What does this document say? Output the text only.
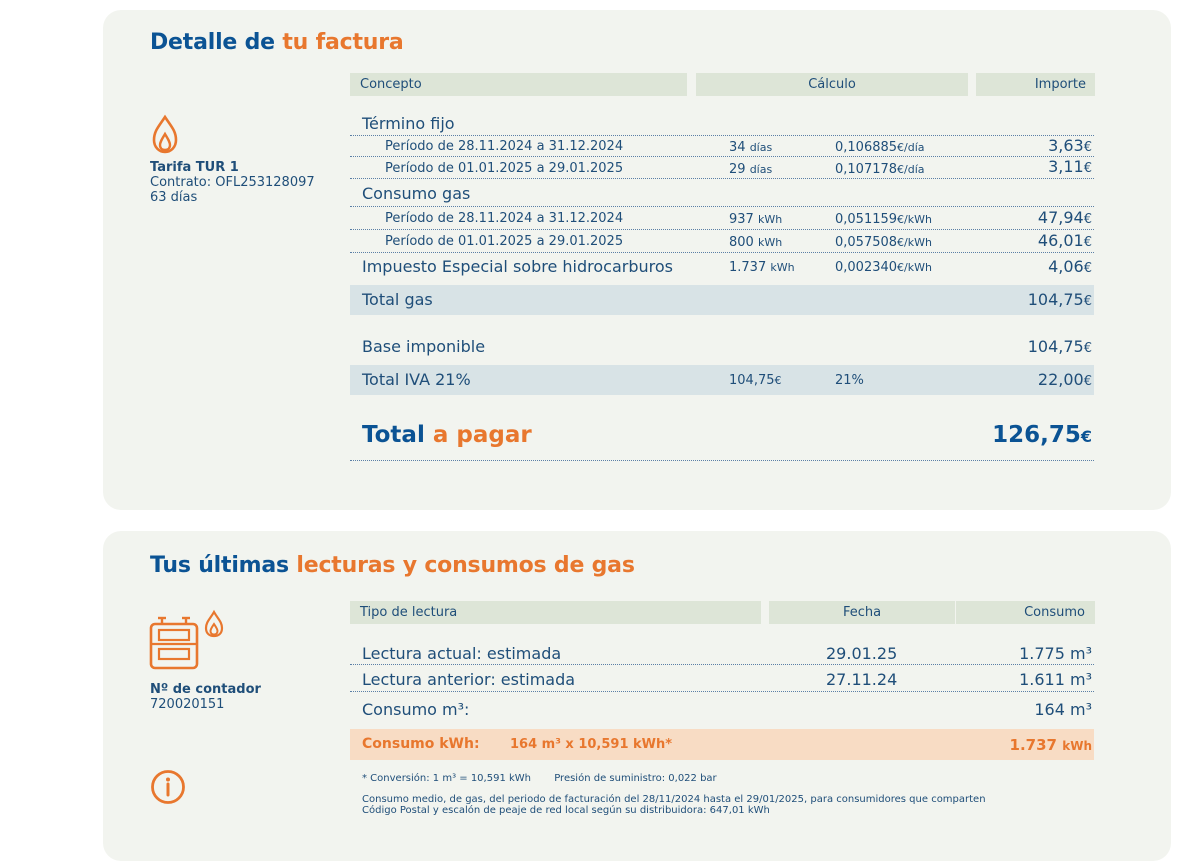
Detalle de tu factura
Tarifa TUR 1
Contrato: OFL253128097
63 días
Concepto	Cálculo	Importe
Término fijo
Período de 28.11.2024 a 31.12.2024	34 días	0,106885€/día	3,63€
Período de 01.01.2025 a 29.01.2025	29 días	0,107178€/día	3,11€
Consumo gas
Período de 28.11.2024 a 31.12.2024	937 kWh	0,051159€/kWh	47,94€
Período de 01.01.2025 a 29.01.2025	800 kWh	0,057508€/kWh	46,01€
Impuesto Especial sobre hidrocarburos	1.737 kWh	0,002340€/kWh	4,06€
Total gas	104,75€
Base imponible	104,75€
Total IVA 21%	104,75€	21%	22,00€
Total a pagar	126,75€
Tus últimas lecturas y consumos de gas
Nº de contador
720020151
Tipo de lectura	Fecha	Consumo
Lectura actual: estimada	29.01.25	1.775 m³
Lectura anterior: estimada	27.11.24	1.611 m³
Consumo m³:	164 m³
Consumo kWh: 164 m³ x 10,591 kWh*	1.737 kWh
* Conversión: 1 m³ = 10,591 kWh Presión de suministro: 0,022 bar
Consumo medio, de gas, del periodo de facturación del 28/11/2024 hasta el 29/01/2025, para consumidores que comparten
Código Postal y escalón de peaje de red local según su distribuidora: 647,01 kWh
